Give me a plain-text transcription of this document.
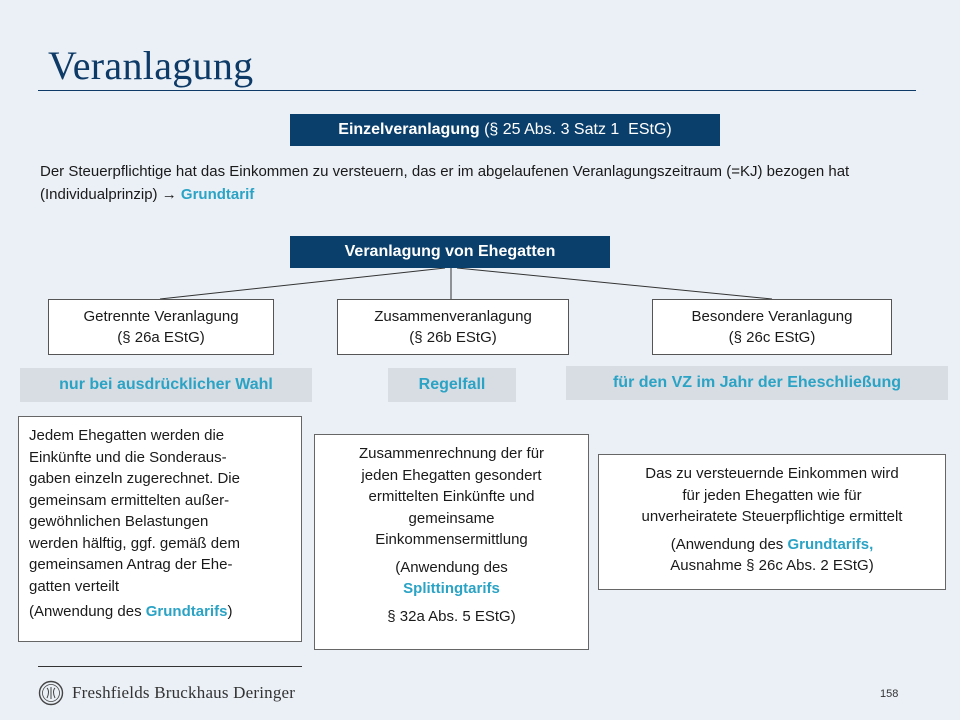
Veranlagung
Einzelveranlagung (§ 25 Abs. 3 Satz 1  EStG)
Der Steuerpflichtige hat das Einkommen zu versteuern, das er im abgelaufenen Veranlagungszeitraum (=KJ) bezogen hat (Individualprinzip) → Grundtarif
Veranlagung von Ehegatten
Getrennte Veranlagung
(§ 26a EStG)
Zusammenveranlagung
(§ 26b EStG)
Besondere Veranlagung
(§ 26c EStG)
nur bei ausdrücklicher Wahl	Regelfall	für den VZ im Jahr der Eheschließung

Jedem Ehegatten werden die

Einkünfte und die Sonderaus-

gaben einzeln zugerechnet. Die

gemeinsam ermittelten außer-

gewöhnlichen Belastungen

werden hälftig, ggf. gemäß dem

gemeinsamen Antrag der Ehe-

gatten verteilt

(Anwendung des Grundtarifs)

Zusammenrechnung der für

jeden Ehegatten gesondert

ermittelten Einkünfte und

gemeinsame

Einkommensermittlung

(Anwendung des

Splittingtarifs

§ 32a Abs. 5 EStG)

Das zu versteuernde Einkommen wird

für jeden Ehegatten wie für

unverheiratete Steuerpflichtige ermittelt

(Anwendung des Grundtarifs,

Ausnahme § 26c Abs. 2 EStG)

Freshfields Bruckhaus Deringer	158
